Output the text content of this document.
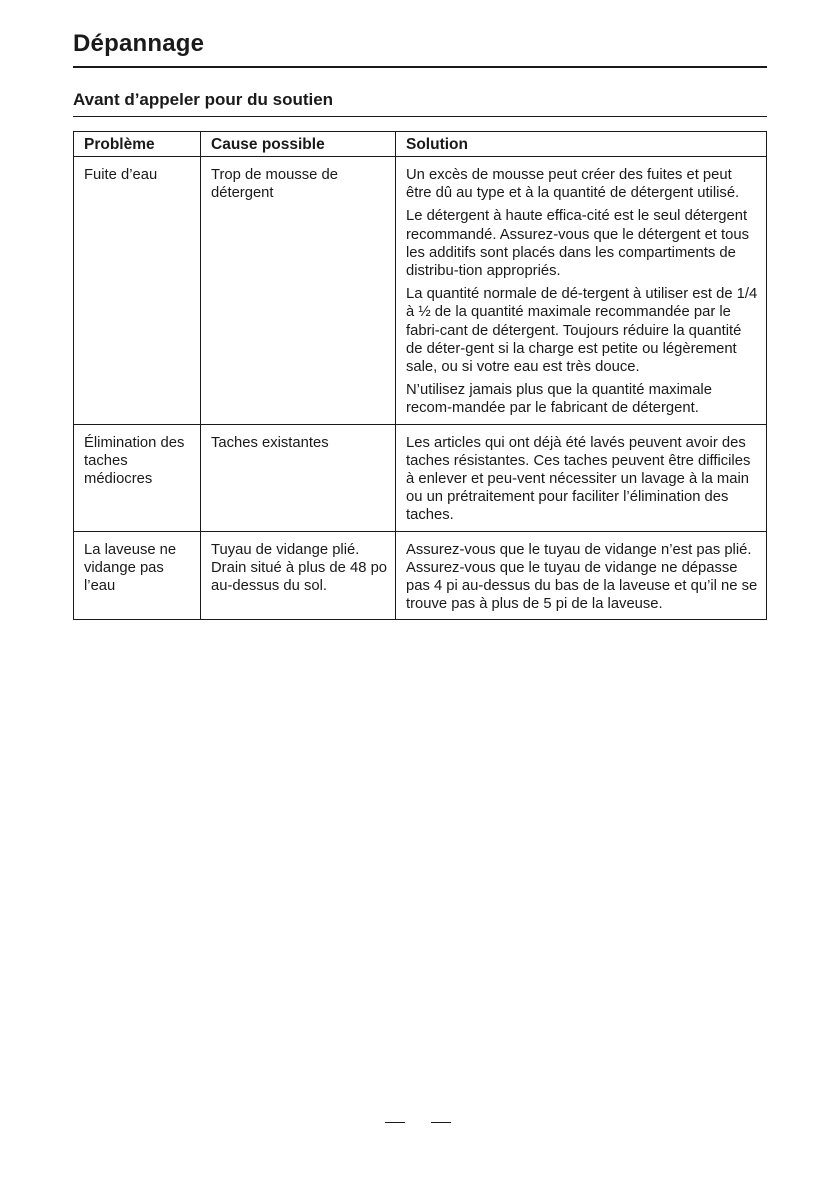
Dépannage
Avant d’appeler pour du soutien
Problème	Cause possible	Solution
Fuite d’eau	Trop de mousse de détergent	Un excès de mousse peut créer des fuites et peut être dû au type et à la quantité de détergent utilisé.

Le détergent à haute effica-cité est le seul détergent recommandé. Assurez-vous que le détergent et tous les additifs sont placés dans les compartiments de distribu-tion appropriés.

La quantité normale de dé-tergent à utiliser est de 1/4 à ½ de la quantité maximale recommandée par le fabri-cant de détergent. Toujours réduire la quantité de déter-gent si la charge est petite ou légèrement sale, ou si votre eau est très douce.

N’utilisez jamais plus que la quantité maximale recom-mandée par le fabricant de détergent.

Élimination des taches médiocres	Taches existantes	Les articles qui ont déjà été lavés peuvent avoir des taches résistantes. Ces taches peuvent être difficiles à enlever et peu-vent nécessiter un lavage à la main ou un prétraitement pour faciliter l’élimination des taches.

La laveuse ne vidange pas l’eau	Tuyau de vidange plié. Drain situé à plus de 48 po au-dessus du sol.	Assurez-vous que le tuyau de vidange n’est pas plié. Assurez-vous que le tuyau de vidange ne dépasse pas 4 pi au-dessus du bas de la laveuse et qu’il ne se trouve pas à plus de 5 pi de la laveuse.
